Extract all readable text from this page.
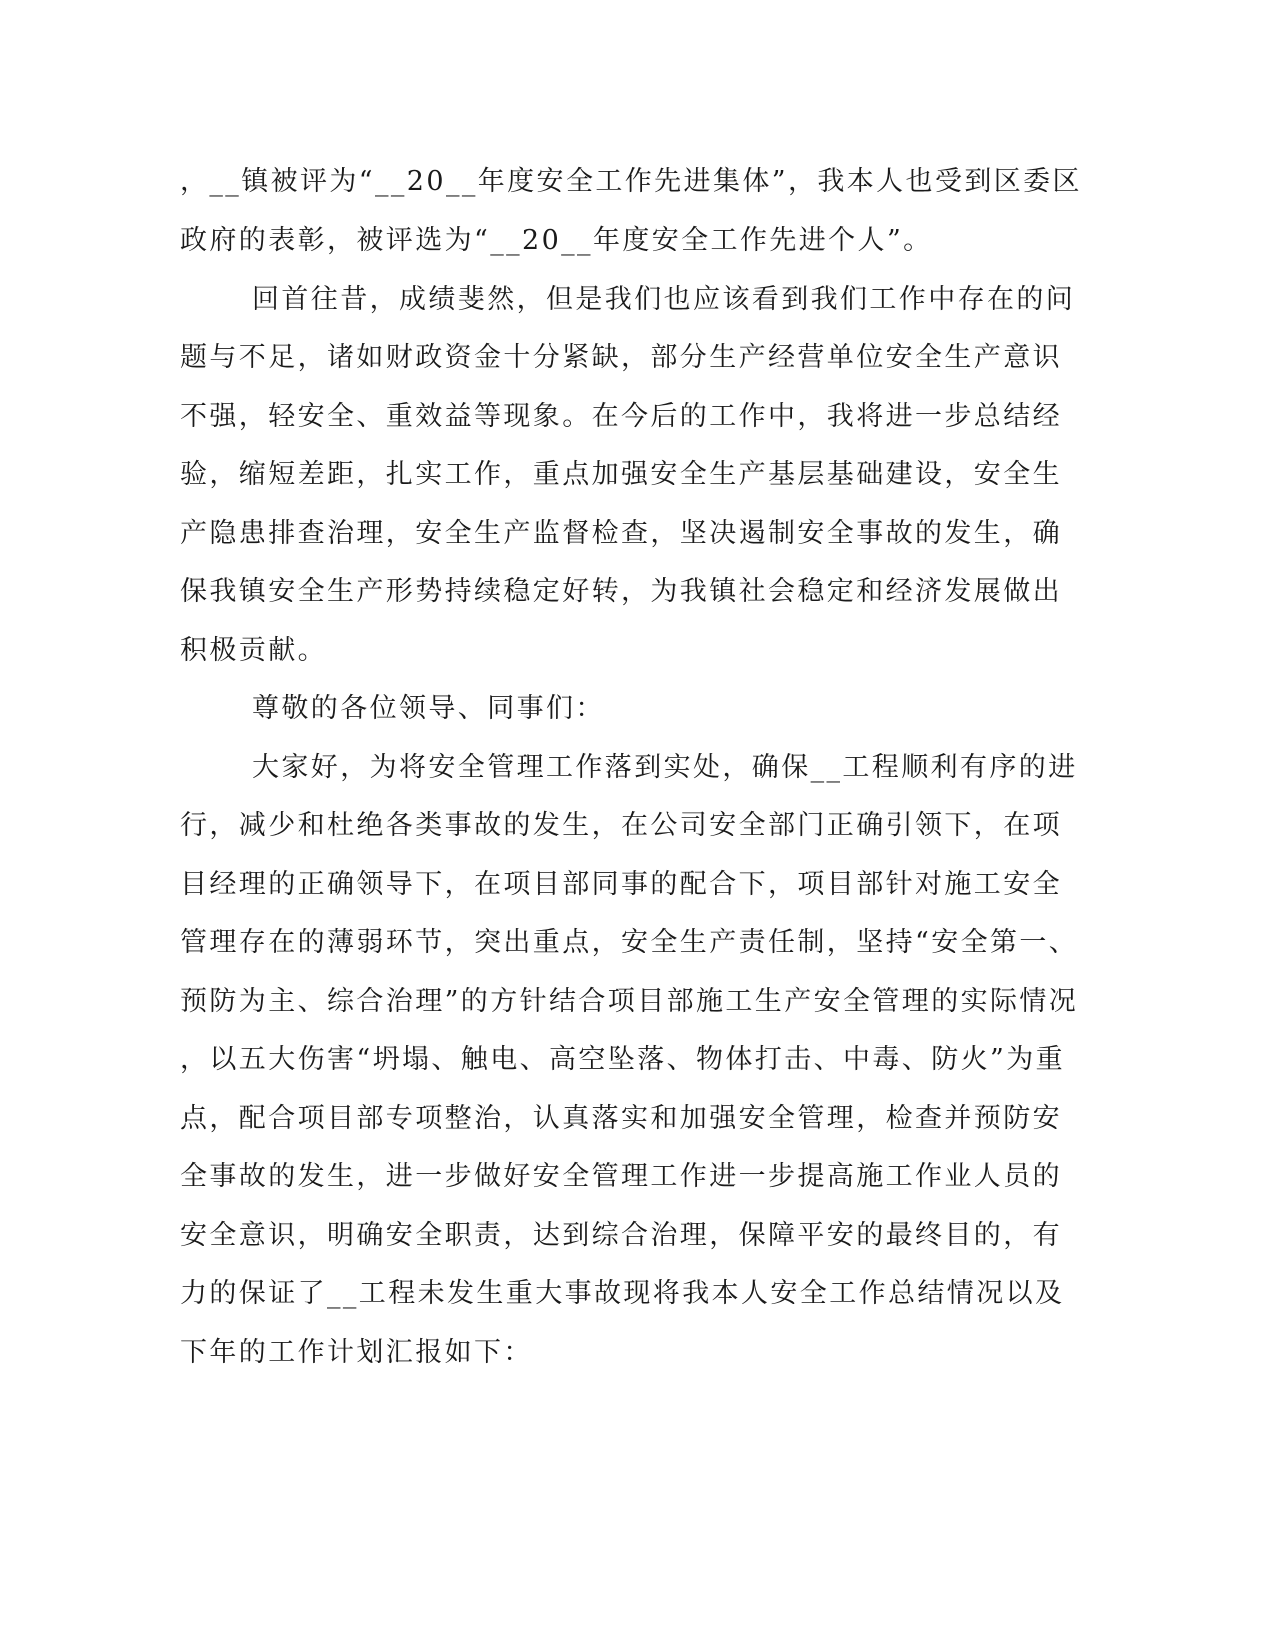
，__镇被评为“__20__年度安全工作先进集体”，我本人也受到区委区
政府的表彰，被评选为“__20__年度安全工作先进个人”。
回首往昔，成绩斐然，但是我们也应该看到我们工作中存在的问
题与不足，诸如财政资金十分紧缺，部分生产经营单位安全生产意识
不强，轻安全、重效益等现象。在今后的工作中，我将进一步总结经
验，缩短差距，扎实工作，重点加强安全生产基层基础建设，安全生
产隐患排查治理，安全生产监督检查，坚决遏制安全事故的发生，确
保我镇安全生产形势持续稳定好转，为我镇社会稳定和经济发展做出
积极贡献。
尊敬的各位领导、同事们：
大家好，为将安全管理工作落到实处，确保__工程顺利有序的进
行，减少和杜绝各类事故的发生，在公司安全部门正确引领下，在项
目经理的正确领导下，在项目部同事的配合下，项目部针对施工安全
管理存在的薄弱环节，突出重点，安全生产责任制，坚持“安全第一、
预防为主、综合治理”的方针结合项目部施工生产安全管理的实际情况
，以五大伤害“坍塌、触电、高空坠落、物体打击、中毒、防火”为重
点，配合项目部专项整治，认真落实和加强安全管理，检查并预防安
全事故的发生，进一步做好安全管理工作进一步提高施工作业人员的
安全意识，明确安全职责，达到综合治理，保障平安的最终目的，有
力的保证了__工程未发生重大事故现将我本人安全工作总结情况以及
下年的工作计划汇报如下：
